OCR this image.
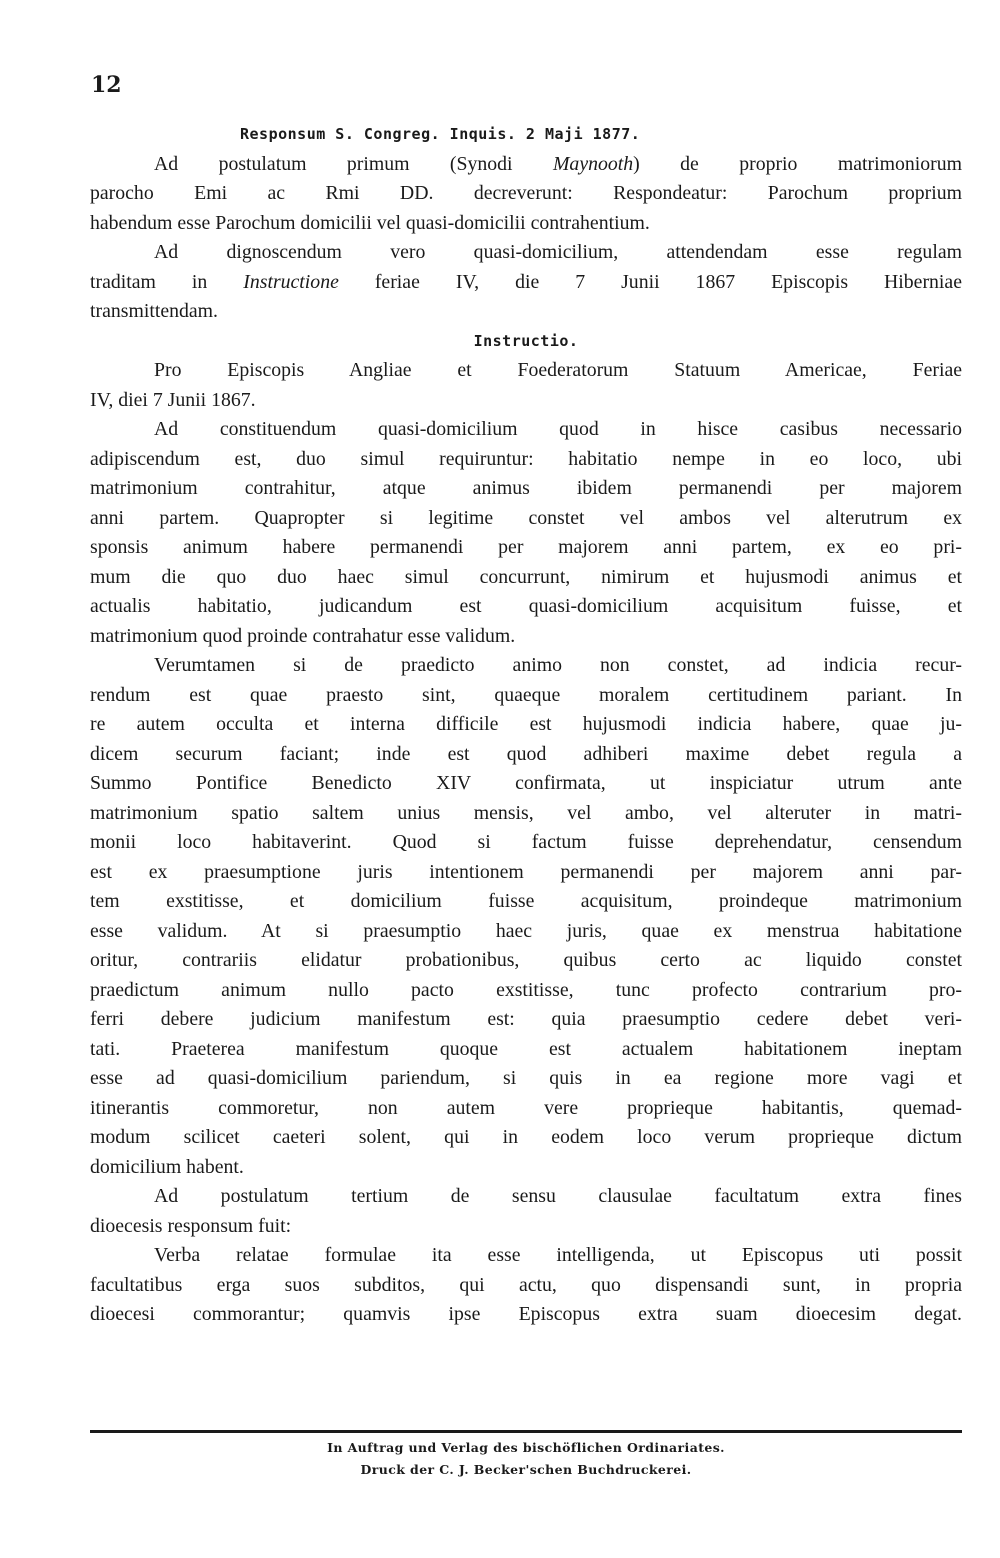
12
Responsum S. Congreg. Inquis. 2 Maji 1877.
Ad postulatum primum (Synodi Maynooth) de proprio matrimoniorum
parocho Emi ac Rmi DD. decreverunt: Respondeatur: Parochum proprium
habendum esse Parochum domicilii vel quasi-domicilii contrahentium.
Ad dignoscendum vero quasi-domicilium, attendendam esse regulam
traditam in Instructione feriae IV, die 7 Junii 1867 Episcopis Hiberniae
transmittendam.
Instructio.
Pro Episcopis Angliae et Foederatorum Statuum Americae, Feriae
IV, diei 7 Junii 1867.
Ad constituendum quasi-domicilium quod in hisce casibus necessario
adipiscendum est, duo simul requiruntur: habitatio nempe in eo loco, ubi
matrimonium contrahitur, atque animus ibidem permanendi per majorem
anni partem. Quapropter si legitime constet vel ambos vel alterutrum ex
sponsis animum habere permanendi per majorem anni partem, ex eo pri-
mum die quo duo haec simul concurrunt, nimirum et hujusmodi animus et
actualis habitatio, judicandum est quasi-domicilium acquisitum fuisse, et
matrimonium quod proinde contrahatur esse validum.
Verumtamen si de praedicto animo non constet, ad indicia recur-
rendum est quae praesto sint, quaeque moralem certitudinem pariant. In
re autem occulta et interna difficile est hujusmodi indicia habere, quae ju-
dicem securum faciant; inde est quod adhiberi maxime debet regula a
Summo Pontifice Benedicto XIV confirmata, ut inspiciatur utrum ante
matrimonium spatio saltem unius mensis, vel ambo, vel alteruter in matri-
monii loco habitaverint. Quod si factum fuisse deprehendatur, censendum
est ex praesumptione juris intentionem permanendi per majorem anni par-
tem exstitisse, et domicilium fuisse acquisitum, proindeque matrimonium
esse validum. At si praesumptio haec juris, quae ex menstrua habitatione
oritur, contrariis elidatur probationibus, quibus certo ac liquido constet
praedictum animum nullo pacto exstitisse, tunc profecto contrarium pro-
ferri debere judicium manifestum est: quia praesumptio cedere debet veri-
tati. Praeterea manifestum quoque est actualem habitationem ineptam
esse ad quasi-domicilium pariendum, si quis in ea regione more vagi et
itinerantis commoretur, non autem vere proprieque habitantis, quemad-
modum scilicet caeteri solent, qui in eodem loco verum proprieque dictum
domicilium habent.
Ad postulatum tertium de sensu clausulae facultatum extra fines
dioecesis responsum fuit:
Verba relatae formulae ita esse intelligenda, ut Episcopus uti possit
facultatibus erga suos subditos, qui actu, quo dispensandi sunt, in propria
dioecesi commorantur; quamvis ipse Episcopus extra suam dioecesim degat.
In Auftrag und Verlag des bischöflichen Ordinariates.
Druck der C. J. Becker'schen Buchdruckerei.
